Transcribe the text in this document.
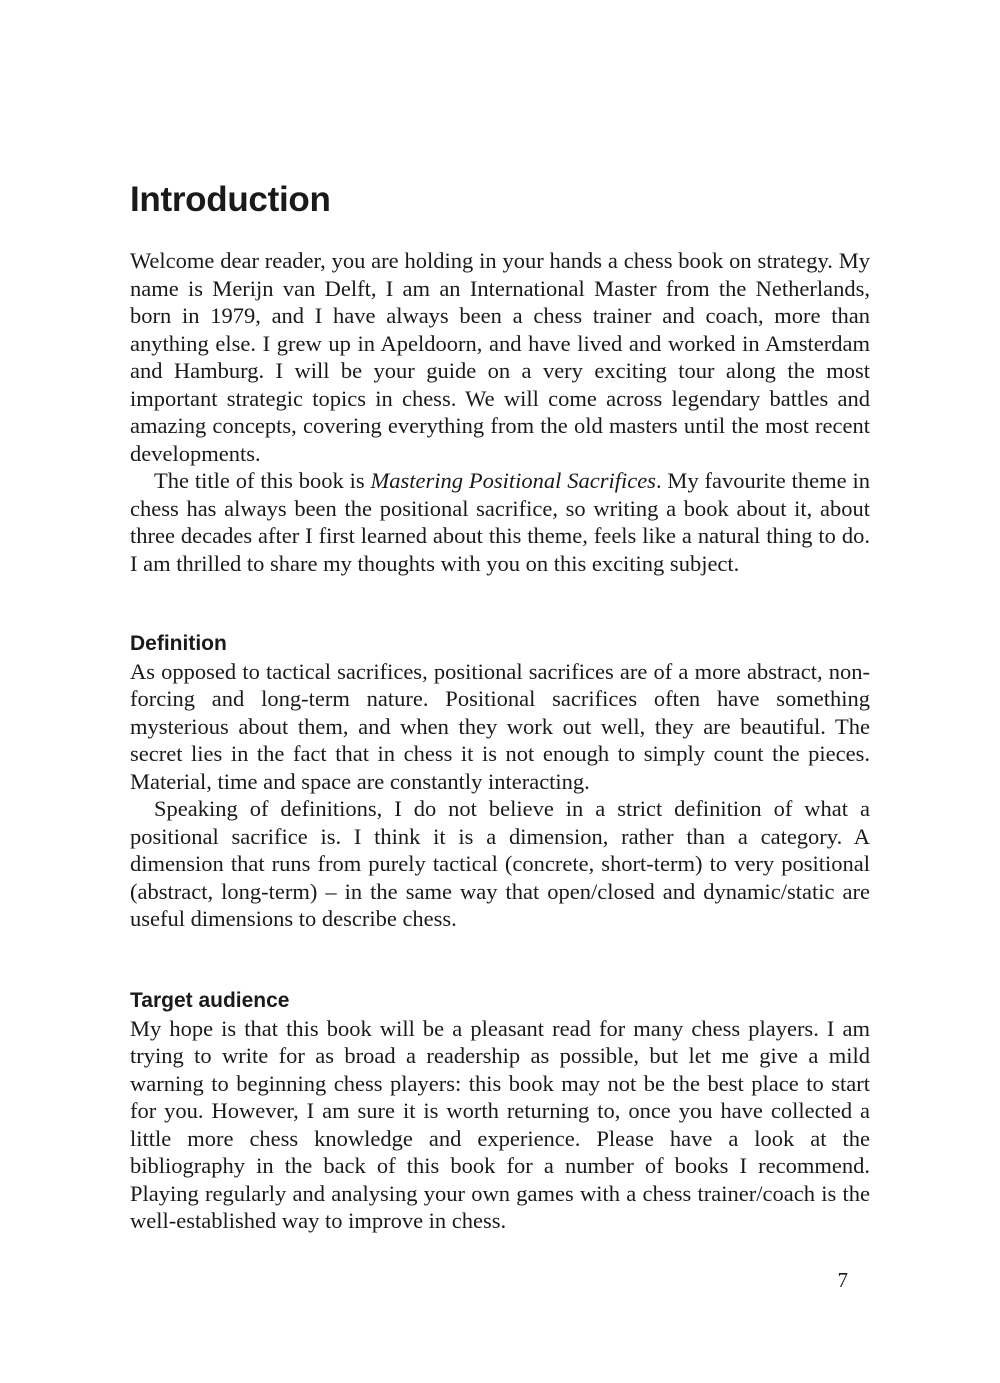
Introduction

Welcome dear reader, you are holding in your hands a chess book on strategy. My name is Merijn van Delft, I am an International Master from the Netherlands, born in 1979, and I have always been a chess trainer and coach, more than anything else. I grew up in Apeldoorn, and have lived and worked in Amsterdam and Hamburg. I will be your guide on a very exciting tour along the most important strategic topics in chess. We will come across legendary battles and amazing concepts, covering everything from the old masters until the most recent developments.

The title of this book is Mastering Positional Sacrifices. My favourite theme in chess has always been the positional sacrifice, so writing a book about it, about three decades after I first learned about this theme, feels like a natural thing to do. I am thrilled to share my thoughts with you on this exciting subject.

Definition

As opposed to tactical sacrifices, positional sacrifices are of a more abstract, non-forcing and long-term nature. Positional sacrifices often have something mysterious about them, and when they work out well, they are beautiful. The secret lies in the fact that in chess it is not enough to simply count the pieces. Material, time and space are constantly interacting.

Speaking of definitions, I do not believe in a strict definition of what a positional sacrifice is. I think it is a dimension, rather than a category. A dimension that runs from purely tactical (concrete, short-term) to very positional (abstract, long-term) – in the same way that open/closed and dynamic/static are useful dimensions to describe chess.

Target audience

My hope is that this book will be a pleasant read for many chess players. I am trying to write for as broad a readership as possible, but let me give a mild warning to beginning chess players: this book may not be the best place to start for you. However, I am sure it is worth returning to, once you have collected a little more chess knowledge and experience. Please have a look at the bibliography in the back of this book for a number of books I recommend. Playing regularly and analysing your own games with a chess trainer/coach is the well-established way to improve in chess.

7
